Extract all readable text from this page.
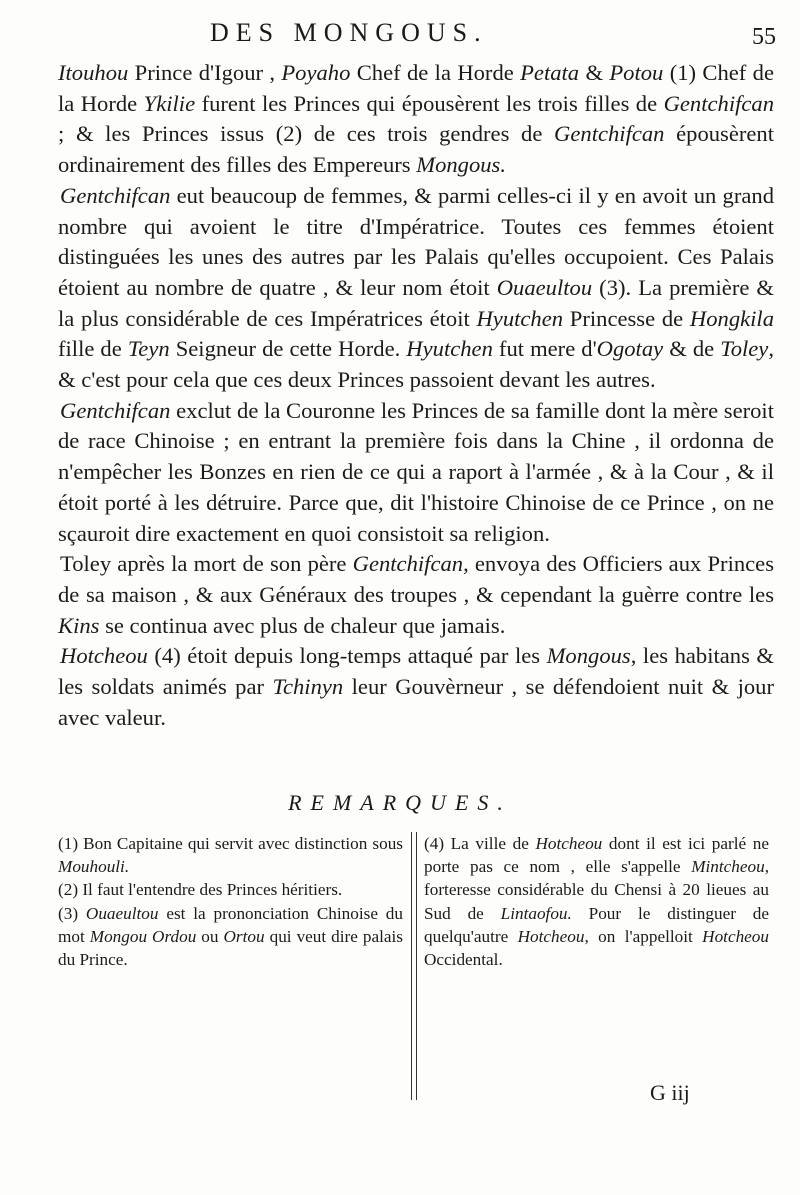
DES MONGOUS.	55

Itouhou Prince d'Igour , Poyaho Chef de la Horde Petata & Potou (1) Chef de la Horde Ykilie furent les Princes qui épousèrent les trois filles de Gentchifcan ; & les Princes issus (2) de ces trois gendres de Gentchifcan épousèrent ordinairement des filles des Empereurs Mongous.

Gentchifcan eut beaucoup de femmes, & parmi celles-ci il y en avoit un grand nombre qui avoient le titre d'Impératrice. Toutes ces femmes étoient distinguées les unes des autres par les Palais qu'elles occupoient. Ces Palais étoient au nombre de quatre , & leur nom étoit Ouaeultou (3). La première & la plus considérable de ces Impératrices étoit Hyutchen Princesse de Hongkila fille de Teyn Seigneur de cette Horde. Hyutchen fut mere d'Ogotay & de Toley, & c'est pour cela que ces deux Princes passoient devant les autres.

Gentchifcan exclut de la Couronne les Princes de sa famille dont la mère seroit de race Chinoise ; en entrant la première fois dans la Chine , il ordonna de n'empêcher les Bonzes en rien de ce qui a raport à l'armée , & à la Cour , & il étoit porté à les détruire. Parce que, dit l'histoire Chinoise de ce Prince , on ne sçauroit dire exactement en quoi consistoit sa religion.

Toley après la mort de son père Gentchifcan, envoya des Officiers aux Princes de sa maison , & aux Généraux des troupes , & cependant la guèrre contre les Kins se continua avec plus de chaleur que jamais.

Hotcheou (4) étoit depuis long-temps attaqué par les Mongous, les habitans & les soldats animés par Tchinyn leur Gouvèrneur , se défendoient nuit & jour avec valeur.

REMARQUES.

(1) Bon Capitaine qui servit avec distinction sous Mouhouli.

(2) Il faut l'entendre des Princes héritiers.

(3) Ouaeultou est la prononciation Chinoise du mot Mongou Ordou ou Ortou qui veut dire palais du Prince.

(4) La ville de Hotcheou dont il est ici parlé ne porte pas ce nom , elle s'appelle Mintcheou, forteresse considérable du Chensi à 20 lieues au Sud de Lintaofou. Pour le distinguer de quelqu'autre Hotcheou, on l'appelloit Hotcheou Occidental.

G iij
